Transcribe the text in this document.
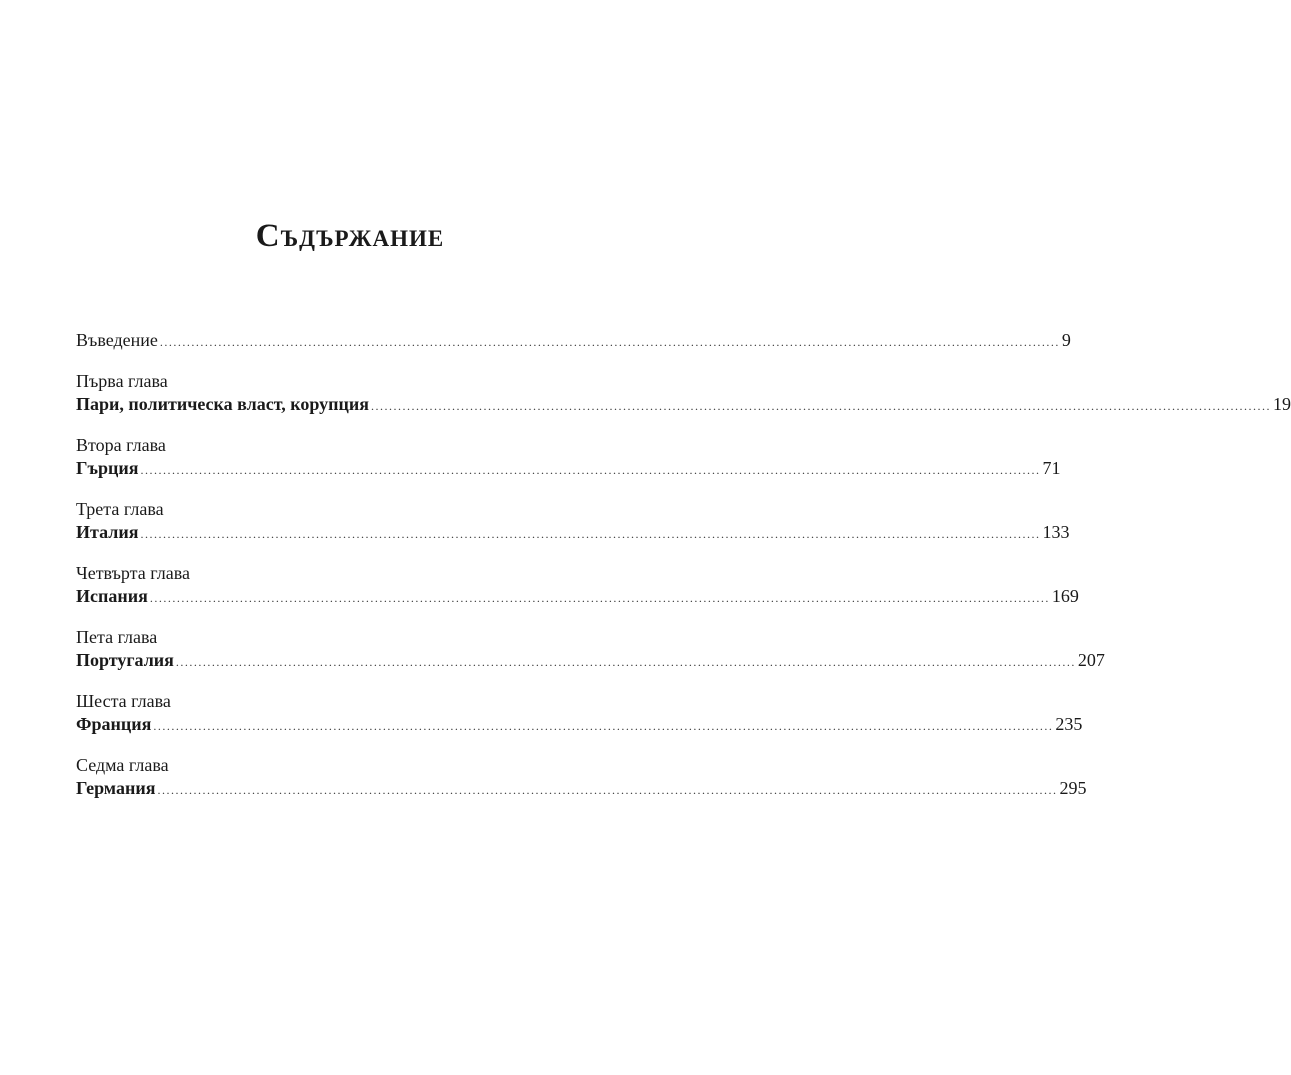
Съдържание
Въведение ........................................................................................................................................................................................................ 9
Първа глава
Пари, политическа власт, корупция ........................................................................................................................................................................................................ 19
Втора глава
Гърция ........................................................................................................................................................................................................ 71
Трета глава
Италия ........................................................................................................................................................................................................ 133
Четвърта глава
Испания ........................................................................................................................................................................................................ 169
Пета глава
Португалия ........................................................................................................................................................................................................ 207
Шеста глава
Франция ........................................................................................................................................................................................................ 235
Седма глава
Германия ........................................................................................................................................................................................................ 295
